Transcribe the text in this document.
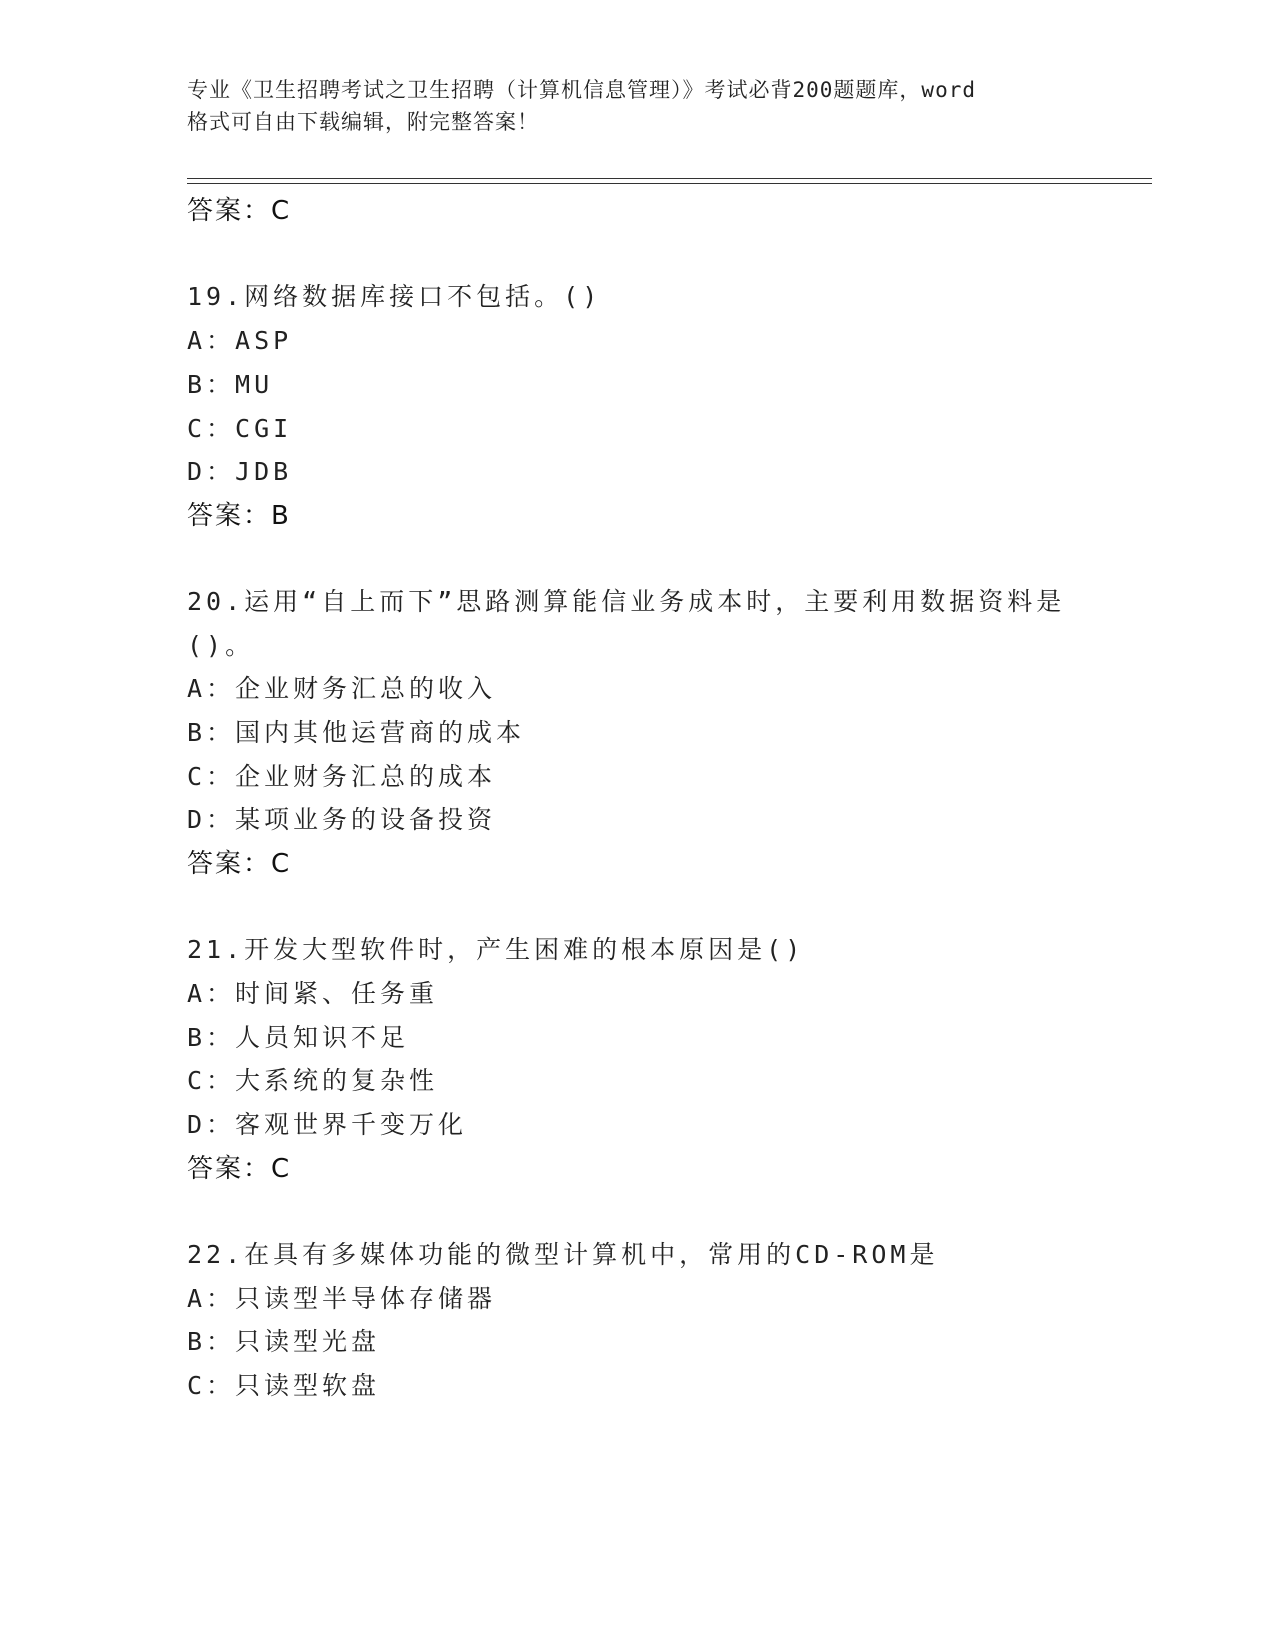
专业《卫生招聘考试之卫生招聘（计算机信息管理）》考试必背200题题库，word
格式可自由下载编辑，附完整答案！
答案：C
19.网络数据库接口不包括。()
A：ASP
B：MU
C：CGI
D：JDB
答案：B
20.运用“自上而下”思路测算能信业务成本时，主要利用数据资料是
()。
A：企业财务汇总的收入
B：国内其他运营商的成本
C：企业财务汇总的成本
D：某项业务的设备投资
答案：C
21.开发大型软件时，产生困难的根本原因是()
A：时间紧、任务重
B：人员知识不足
C：大系统的复杂性
D：客观世界千变万化
答案：C
22.在具有多媒体功能的微型计算机中，常用的CD-ROM是
A：只读型半导体存储器
B：只读型光盘
C：只读型软盘
